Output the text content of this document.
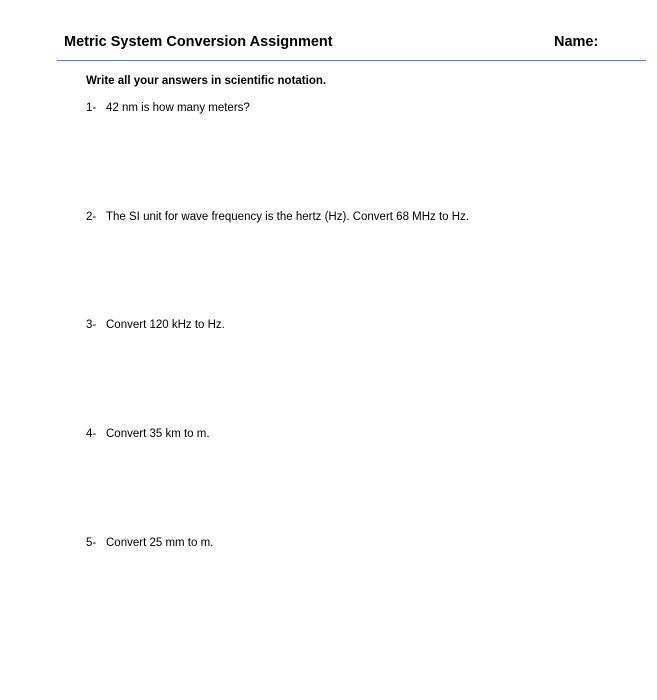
Metric System Conversion Assignment	Name:
Write all your answers in scientific notation.
1- 42 nm is how many meters?
2- The SI unit for wave frequency is the hertz (Hz). Convert 68 MHz to Hz.
3- Convert 120 kHz to Hz.
4- Convert 35 km to m.
5- Convert 25 mm to m.
